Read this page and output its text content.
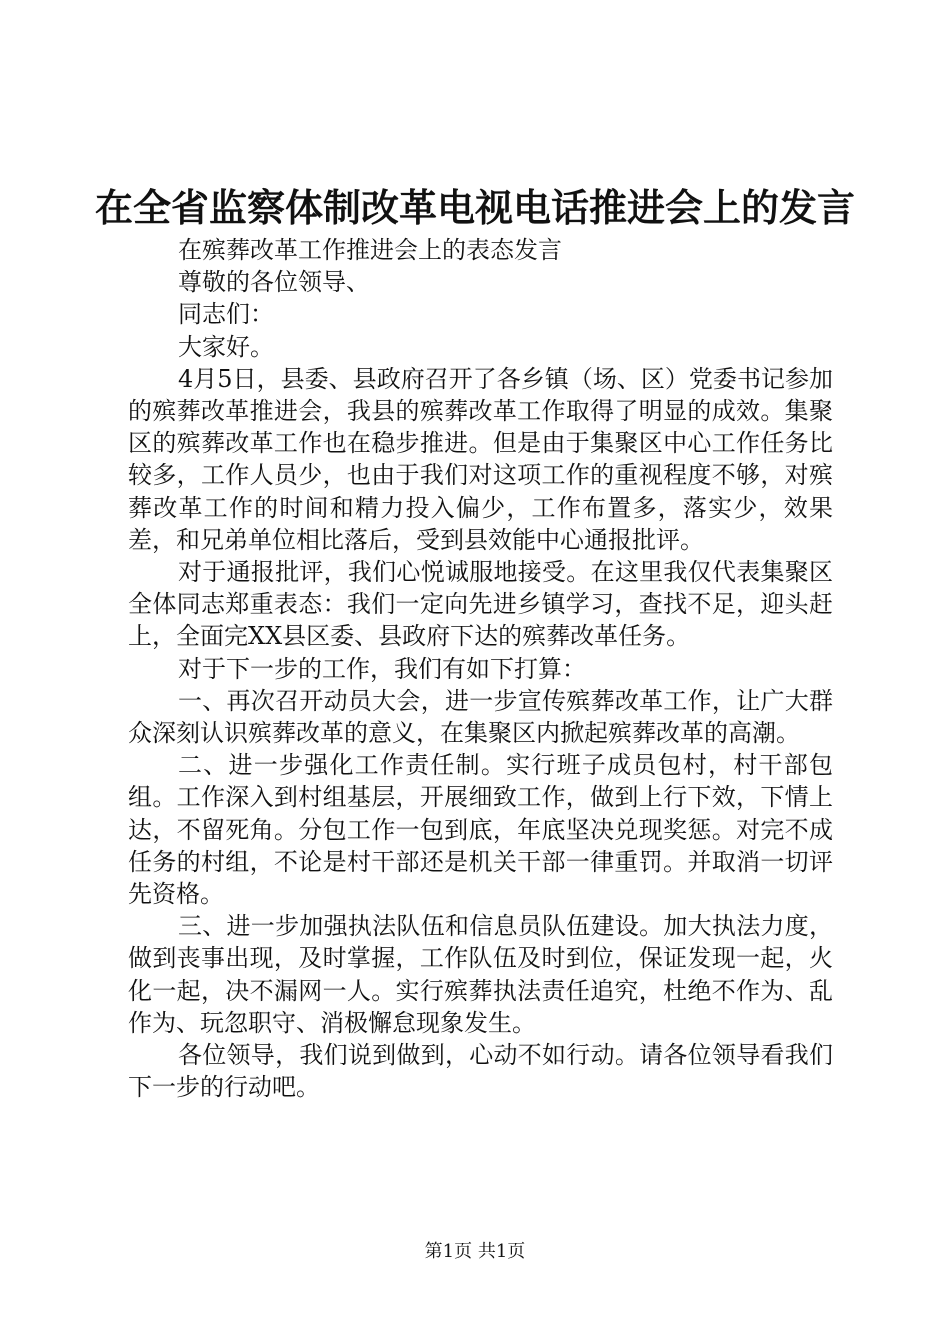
在全省监察体制改革电视电话推进会上的发言

在殡葬改革工作推进会上的表态发言

尊敬的各位领导、

同志们：

大家好。

4月5日，县委、县政府召开了各乡镇（场、区）党委书记参加的殡葬改革推进会，我县的殡葬改革工作取得了明显的成效。集聚区的殡葬改革工作也在稳步推进。但是由于集聚区中心工作任务比较多，工作人员少，也由于我们对这项工作的重视程度不够，对殡葬改革工作的时间和精力投入偏少，工作布置多，落实少，效果差，和兄弟单位相比落后，受到县效能中心通报批评。

对于通报批评，我们心悦诚服地接受。在这里我仅代表集聚区全体同志郑重表态：我们一定向先进乡镇学习，查找不足，迎头赶上，全面完XX县区委、县政府下达的殡葬改革任务。

对于下一步的工作，我们有如下打算：

一、再次召开动员大会，进一步宣传殡葬改革工作，让广大群众深刻认识殡葬改革的意义，在集聚区内掀起殡葬改革的高潮。

二、进一步强化工作责任制。实行班子成员包村，村干部包组。工作深入到村组基层，开展细致工作，做到上行下效，下情上达，不留死角。分包工作一包到底，年底坚决兑现奖惩。对完不成任务的村组，不论是村干部还是机关干部一律重罚。并取消一切评先资格。

三、进一步加强执法队伍和信息员队伍建设。加大执法力度，做到丧事出现，及时掌握，工作队伍及时到位，保证发现一起，火化一起，决不漏网一人。实行殡葬执法责任追究，杜绝不作为、乱作为、玩忽职守、消极懈怠现象发生。

各位领导，我们说到做到，心动不如行动。请各位领导看我们下一步的行动吧。

第1页 共1页
